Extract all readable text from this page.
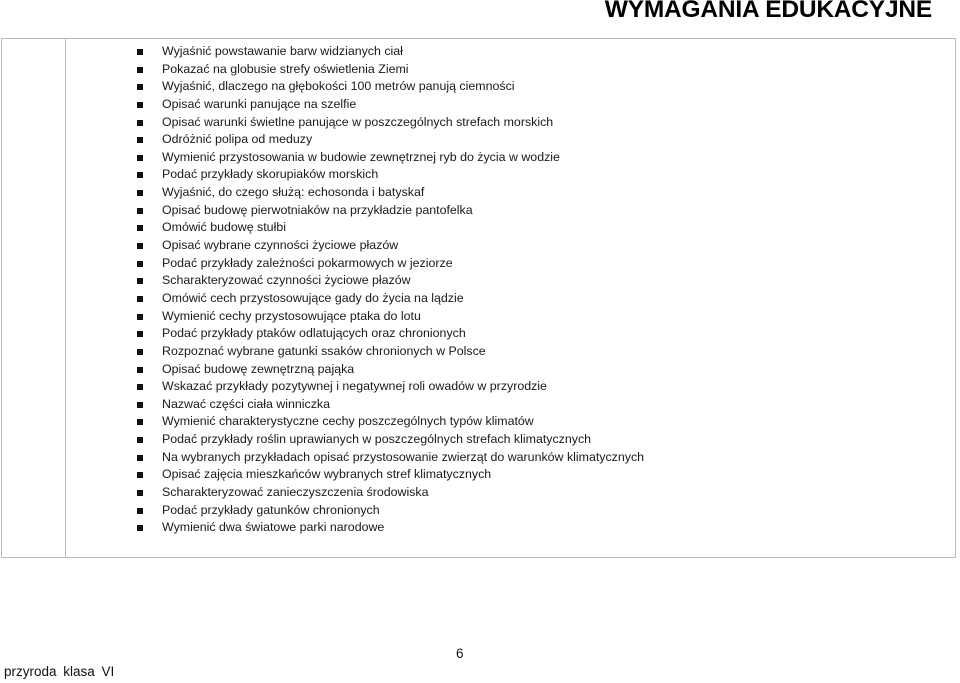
WYMAGANIA EDUKACYJNE
Wyjaśnić powstawanie barw widzianych ciał
Pokazać na globusie strefy oświetlenia Ziemi
Wyjaśnić, dlaczego na głębokości 100 metrów panują ciemności
Opisać warunki panujące na szelfie
Opisać warunki świetlne panujące w poszczególnych strefach morskich
Odróżnić polipa od meduzy
Wymienić przystosowania w budowie zewnętrznej ryb do życia w wodzie
Podać przykłady skorupiaków morskich
Wyjaśnić, do czego służą: echosonda i batyskaf
Opisać budowę pierwotniaków na przykładzie pantofelka
Omówić budowę stułbi
Opisać wybrane czynności życiowe płazów
Podać przykłady zależności pokarmowych w jeziorze
Scharakteryzować czynności życiowe płazów
Omówić cech przystosowujące gady do życia na lądzie
Wymienić cechy przystosowujące ptaka do lotu
Podać przykłady ptaków odlatujących oraz chronionych
Rozpoznać wybrane gatunki ssaków chronionych w Polsce
Opisać budowę zewnętrzną pająka
Wskazać przykłady pozytywnej i negatywnej roli owadów w przyrodzie
Nazwać części ciała winniczka
Wymienić charakterystyczne cechy poszczególnych typów klimatów
Podać przykłady roślin uprawianych w poszczególnych strefach klimatycznych
Na wybranych przykładach opisać przystosowanie zwierząt do warunków klimatycznych
Opisać zajęcia mieszkańców wybranych stref klimatycznych
Scharakteryzować zanieczyszczenia środowiska
Podać przykłady gatunków chronionych
Wymienić dwa światowe parki narodowe
6
przyroda klasa VI
